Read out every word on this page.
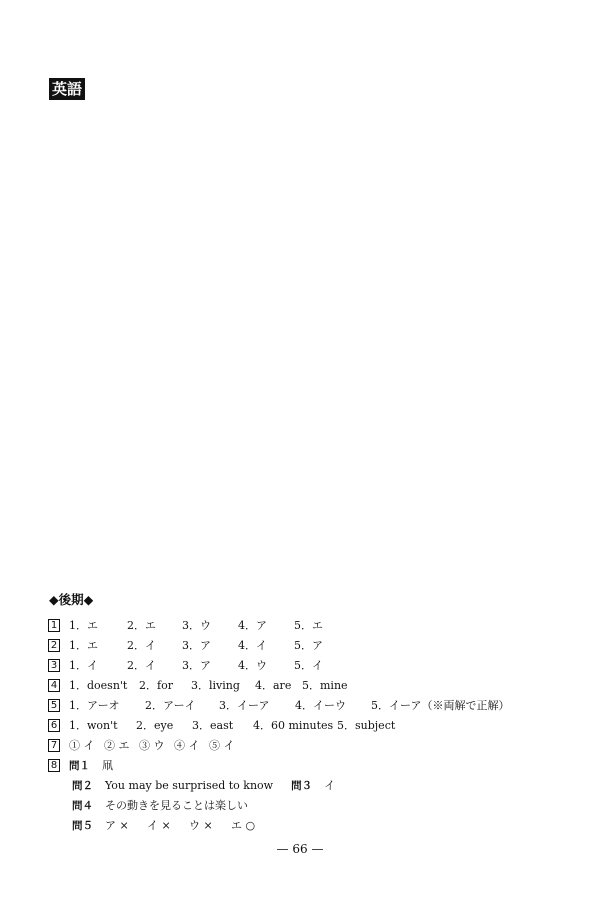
英語
◆後期◆
1 1．エ	2．エ	3．ウ	4．ア	5．エ
2 1．エ	2．イ	3．ア	4．イ	5．ア
3 1．イ	2．イ	3．ア	4．ウ	5．イ
4 1．doesn't	2．for	3．living	4．are 5．mine
5 1．アーオ	2．アーイ	3．イーア	4．イーウ	5．イーア（※両解で正解）
6 1．won't	2．eye	3．east	4．60 minutes 5．subject
7 ① イ ② エ ③ ウ ④ イ ⑤ イ
8 問１ 凧
問２ You may be surprised to know 問３ イ
問４ その動きを見ることは楽しい
問５ ア ×	イ ×	ウ ×	エ ○
— 66 —
